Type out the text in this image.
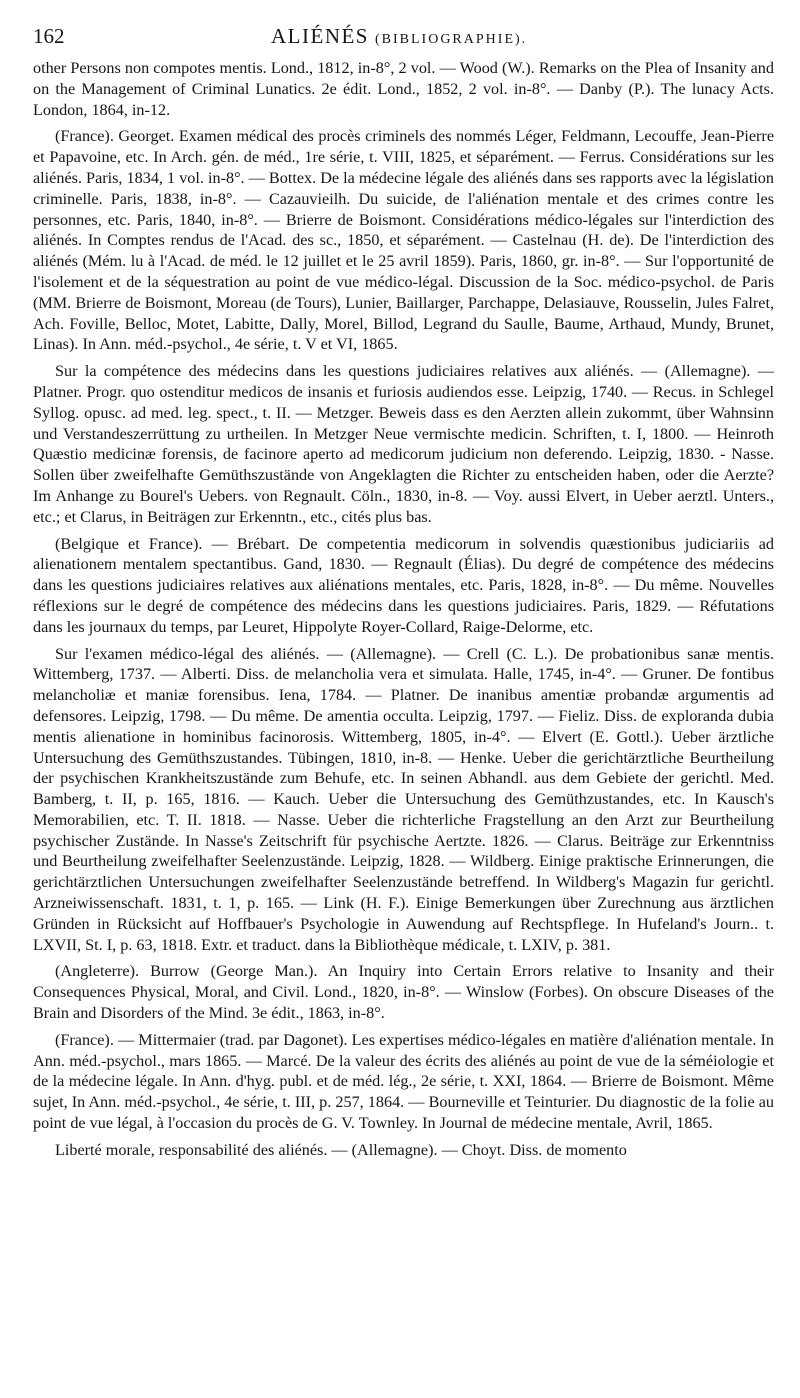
162	ALIÉNÉS (BIBLIOGRAPHIE).

other Persons non compotes mentis. Lond., 1812, in-8°, 2 vol. — Wood (W.). Remarks on the Plea of Insanity and on the Management of Criminal Lunatics. 2e édit. Lond., 1852, 2 vol. in-8°. — Danby (P.). The lunacy Acts. London, 1864, in-12.

(France). Georget. Examen médical des procès criminels des nommés Léger, Feldmann, Lecouffe, Jean-Pierre et Papavoine, etc. In Arch. gén. de méd., 1re série, t. VIII, 1825, et séparément. — Ferrus. Considérations sur les aliénés. Paris, 1834, 1 vol. in-8°. — Bottex. De la médecine légale des aliénés dans ses rapports avec la législation criminelle. Paris, 1838, in-8°. — Cazauvieilh. Du suicide, de l'aliénation mentale et des crimes contre les personnes, etc. Paris, 1840, in-8°. — Brierre de Boismont. Considérations médico-légales sur l'interdiction des aliénés. In Comptes rendus de l'Acad. des sc., 1850, et séparément. — Castelnau (H. de). De l'interdiction des aliénés (Mém. lu à l'Acad. de méd. le 12 juillet et le 25 avril 1859). Paris, 1860, gr. in-8°. — Sur l'opportunité de l'isolement et de la séquestration au point de vue médico-légal. Discussion de la Soc. médico-psychol. de Paris (MM. Brierre de Boismont, Moreau (de Tours), Lunier, Baillarger, Parchappe, Delasiauve, Rousselin, Jules Falret, Ach. Foville, Belloc, Motet, Labitte, Dally, Morel, Billod, Legrand du Saulle, Baume, Arthaud, Mundy, Brunet, Linas). In Ann. méd.-psychol., 4e série, t. V et VI, 1865.

Sur la compétence des médecins dans les questions judiciaires relatives aux aliénés. — (Allemagne). — Platner. Progr. quo ostenditur medicos de insanis et furiosis audiendos esse. Leipzig, 1740. — Recus. in Schlegel Syllog. opusc. ad med. leg. spect., t. II. — Metzger. Beweis dass es den Aerzten allein zukommt, über Wahnsinn und Verstandeszerrüttung zu urtheilen. In Metzger Neue vermischte medicin. Schriften, t. I, 1800. — Heinroth Quæstio medicinæ forensis, de facinore aperto ad medicorum judicium non deferendo. Leipzig, 1830. - Nasse. Sollen über zweifelhafte Gemüthszustände von Angeklagten die Richter zu entscheiden haben, oder die Aerzte? Im Anhange zu Bourel's Uebers. von Regnault. Cöln., 1830, in-8. — Voy. aussi Elvert, in Ueber aerztl. Unters., etc.; et Clarus, in Beiträgen zur Erkenntn., etc., cités plus bas.

(Belgique et France). — Brébart. De competentia medicorum in solvendis quæstionibus judiciariis ad alienationem mentalem spectantibus. Gand, 1830. — Regnault (Élias). Du degré de compétence des médecins dans les questions judiciaires relatives aux aliénations mentales, etc. Paris, 1828, in-8°. — Du même. Nouvelles réflexions sur le degré de compétence des médecins dans les questions judiciaires. Paris, 1829. — Réfutations dans les journaux du temps, par Leuret, Hippolyte Royer-Collard, Raige-Delorme, etc.

Sur l'examen médico-légal des aliénés. — (Allemagne). — Crell (C. L.). De probationibus sanæ mentis. Wittemberg, 1737. — Alberti. Diss. de melancholia vera et simulata. Halle, 1745, in-4°. — Gruner. De fontibus melancholiæ et maniæ forensibus. Iena, 1784. — Platner. De inanibus amentiæ probandæ argumentis ad defensores. Leipzig, 1798. — Du même. De amentia occulta. Leipzig, 1797. — Fieliz. Diss. de exploranda dubia mentis alienatione in hominibus facinorosis. Wittemberg, 1805, in-4°. — Elvert (E. Gottl.). Ueber ärztliche Untersuchung des Gemüthszustandes. Tübingen, 1810, in-8. — Henke. Ueber die gerichtärztliche Beurtheilung der psychischen Krankheitszustände zum Behufe, etc. In seinen Abhandl. aus dem Gebiete der gerichtl. Med. Bamberg, t. II, p. 165, 1816. — Kauch. Ueber die Untersuchung des Gemüthzustandes, etc. In Kausch's Memorabilien, etc. T. II. 1818. — Nasse. Ueber die richterliche Fragstellung an den Arzt zur Beurtheilung psychischer Zustände. In Nasse's Zeitschrift für psychische Aertzte. 1826. — Clarus. Beiträge zur Erkenntniss und Beurtheilung zweifelhafter Seelenzustände. Leipzig, 1828. — Wildberg. Einige praktische Erinnerungen, die gerichtärztlichen Untersuchungen zweifelhafter Seelenzustände betreffend. In Wildberg's Magazin fur gerichtl. Arzneiwissenschaft. 1831, t. 1, p. 165. — Link (H. F.). Einige Bemerkungen über Zurechnung aus ärztlichen Gründen in Rücksicht auf Hoffbauer's Psychologie in Auwendung auf Rechtspflege. In Hufeland's Journ.. t. LXVII, St. I, p. 63, 1818. Extr. et traduct. dans la Bibliothèque médicale, t. LXIV, p. 381.

(Angleterre). Burrow (George Man.). An Inquiry into Certain Errors relative to Insanity and their Consequences Physical, Moral, and Civil. Lond., 1820, in-8°. — Winslow (Forbes). On obscure Diseases of the Brain and Disorders of the Mind. 3e édit., 1863, in-8°.

(France). — Mittermaier (trad. par Dagonet). Les expertises médico-légales en matière d'aliénation mentale. In Ann. méd.-psychol., mars 1865. — Marcé. De la valeur des écrits des aliénés au point de vue de la séméiologie et de la médecine légale. In Ann. d'hyg. publ. et de méd. lég., 2e série, t. XXI, 1864. — Brierre de Boismont. Même sujet, In Ann. méd.-psychol., 4e série, t. III, p. 257, 1864. — Bourneville et Teinturier. Du diagnostic de la folie au point de vue légal, à l'occasion du procès de G. V. Townley. In Journal de médecine mentale, Avril, 1865.

Liberté morale, responsabilité des aliénés. — (Allemagne). — Choyt. Diss. de momento
